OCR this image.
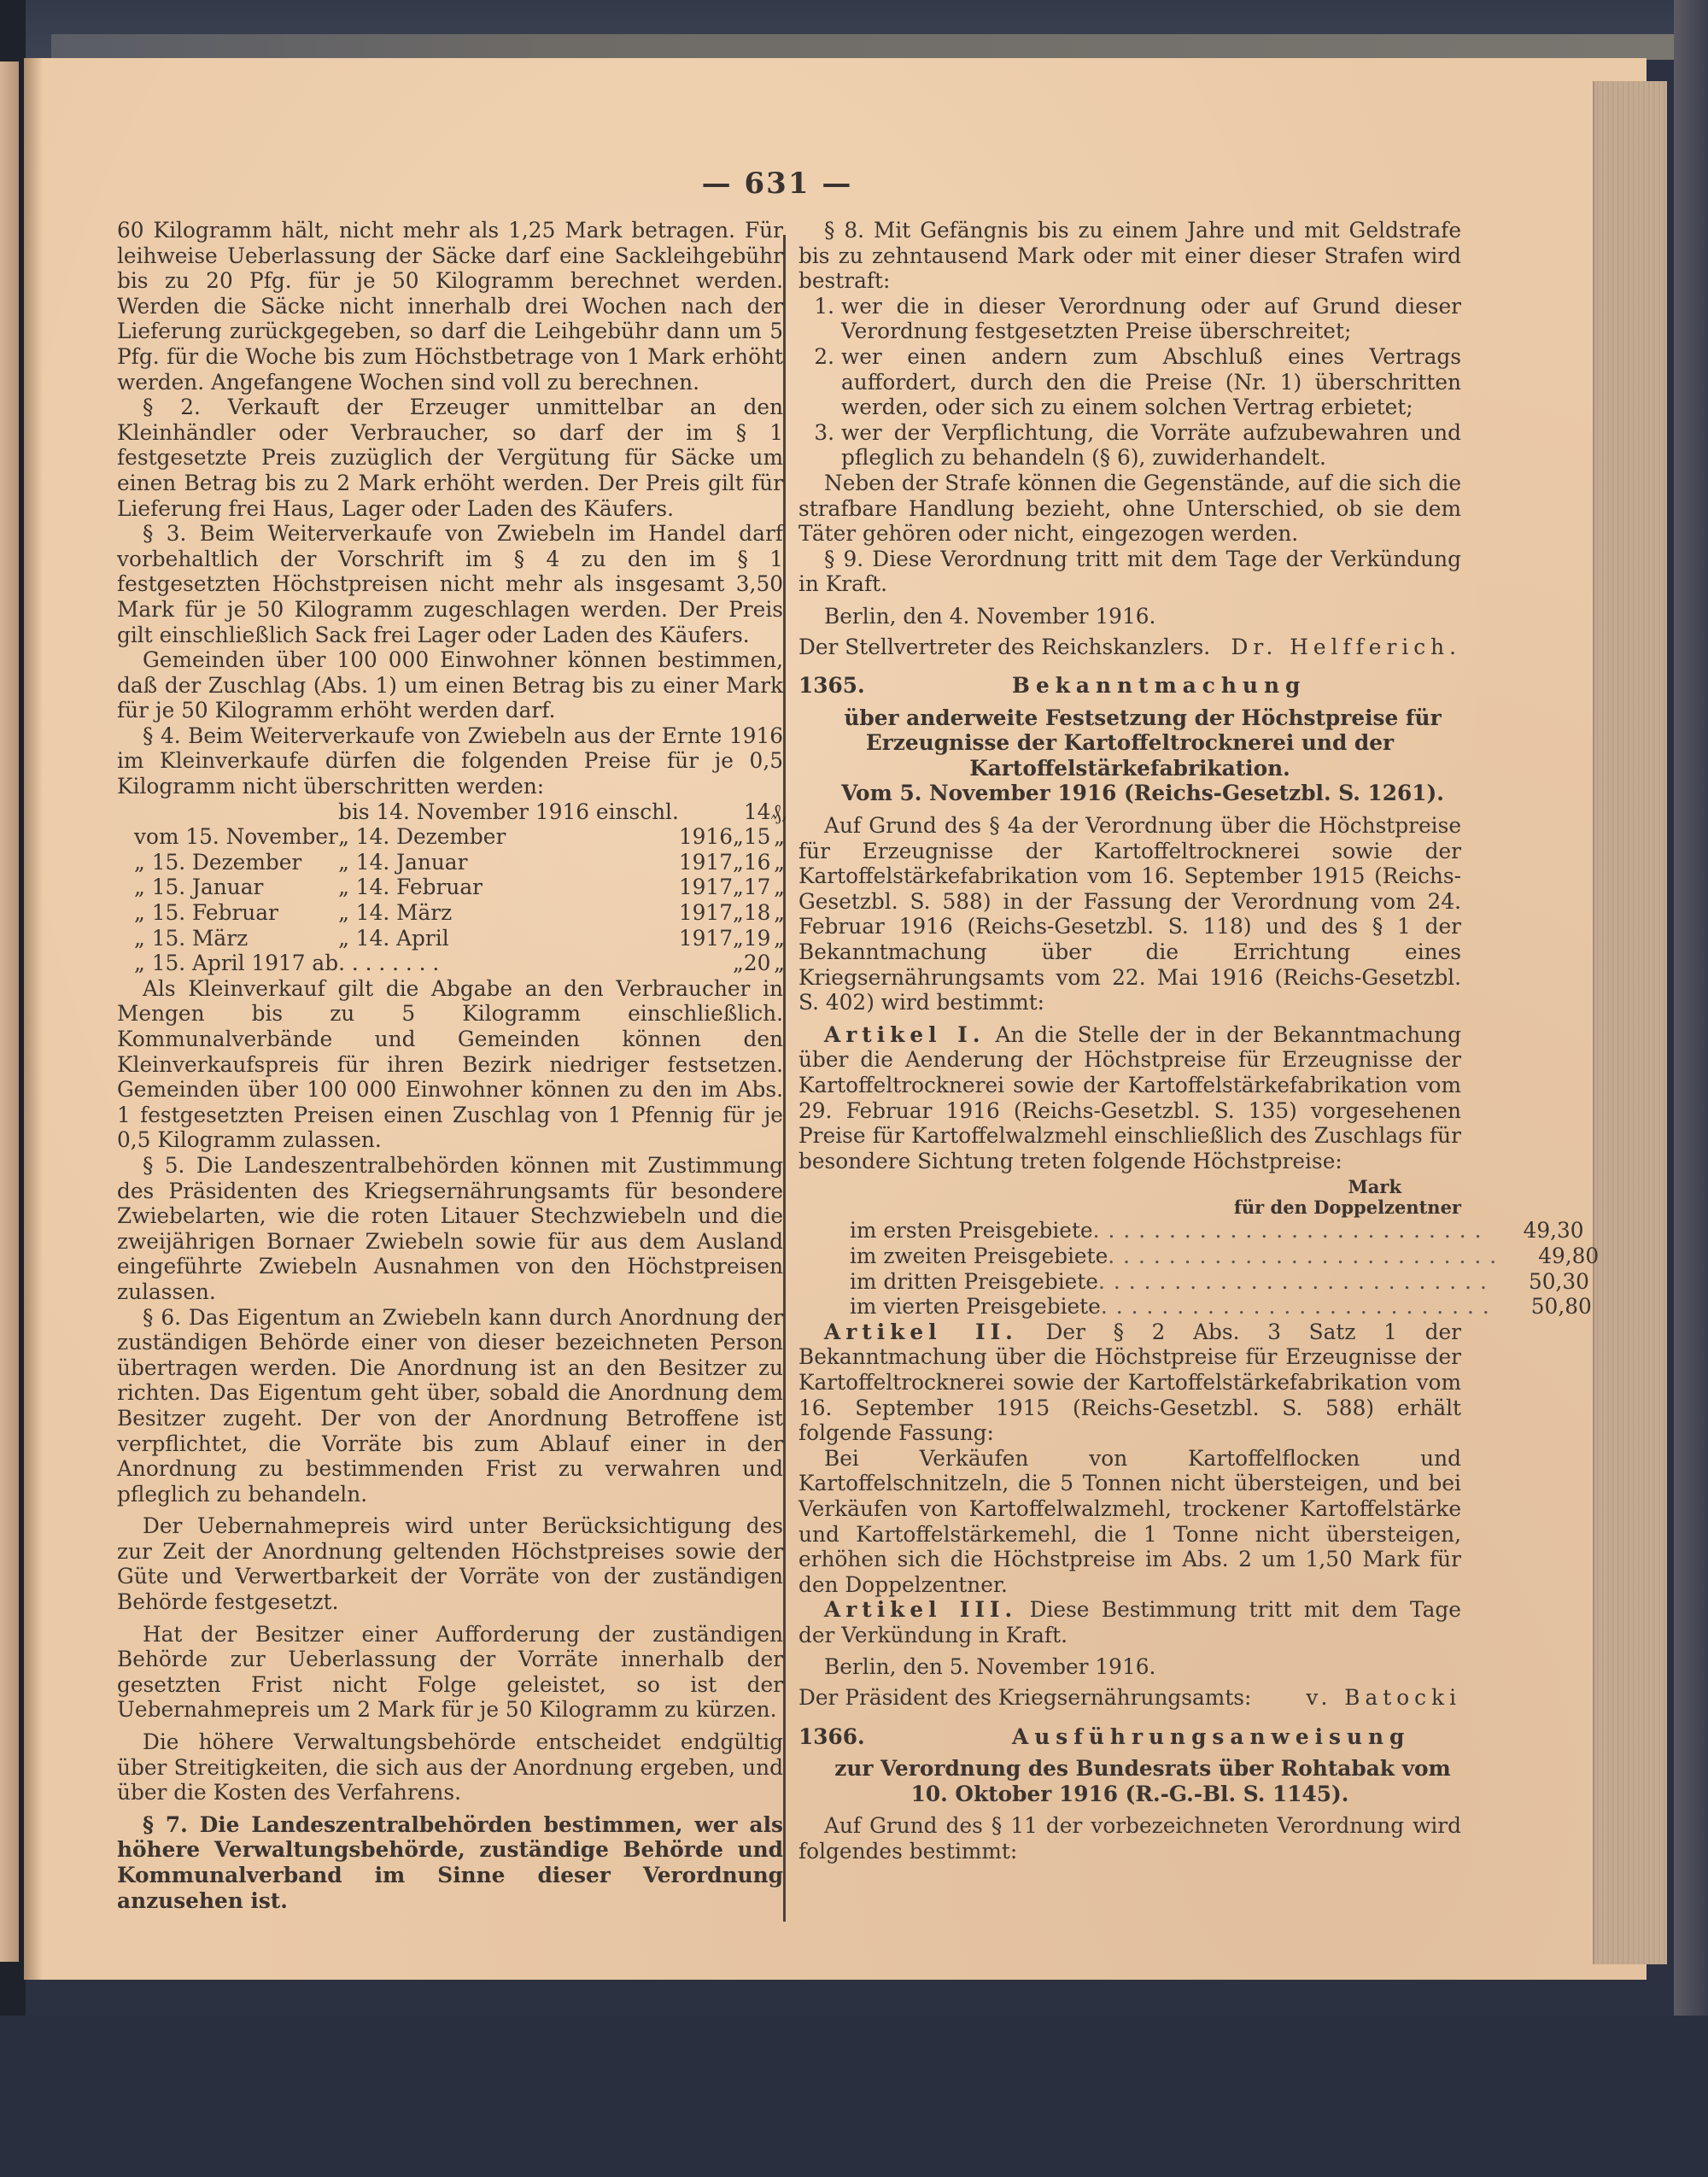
— 631 —

60 Kilogramm hält, nicht mehr als 1,25 Mark betragen. Für leihweise Ueberlassung der Säcke darf eine Sackleihgebühr bis zu 20 Pfg. für je 50 Kilogramm berechnet werden. Werden die Säcke nicht innerhalb drei Wochen nach der Lieferung zurückgegeben, so darf die Leihgebühr dann um 5 Pfg. für die Woche bis zum Höchstbetrage von 1 Mark erhöht werden. Angefangene Wochen sind voll zu berechnen.

§ 2. Verkauft der Erzeuger unmittelbar an den Kleinhändler oder Verbraucher, so darf der im § 1 festgesetzte Preis zuzüglich der Vergütung für Säcke um einen Betrag bis zu 2 Mark erhöht werden. Der Preis gilt für Lieferung frei Haus, Lager oder Laden des Käufers.

§ 3. Beim Weiterverkaufe von Zwiebeln im Handel darf vorbehaltlich der Vorschrift im § 4 zu den im § 1 festgesetzten Höchstpreisen nicht mehr als insgesamt 3,50 Mark für je 50 Kilogramm zugeschlagen werden. Der Preis gilt einschließlich Sack frei Lager oder Laden des Käufers.

Gemeinden über 100 000 Einwohner können bestimmen, daß der Zuschlag (Abs. 1) um einen Betrag bis zu einer Mark für je 50 Kilogramm erhöht werden darf.

§ 4. Beim Weiterverkaufe von Zwiebeln aus der Ernte 1916 im Kleinverkaufe dürfen die folgenden Preise für je 0,5 Kilogramm nicht überschritten werden:

	bis 14. November 1916 einschl.			14	₰,
vom 15. November	„ 14. Dezember	1916	„	15	„
„ 15. Dezember	„ 14. Januar	1917	„	16	„
„ 15. Januar	„ 14. Februar	1917	„	17	„
„ 15. Februar	„ 14. März	1917	„	18	„
„ 15. März	„ 14. April	1917	„	19	„
„ 15. April 1917 ab	. . . . . . . .		„	20	„

Als Kleinverkauf gilt die Abgabe an den Verbraucher in Mengen bis zu 5 Kilogramm einschließlich. Kommunalverbände und Gemeinden können den Kleinverkaufspreis für ihren Bezirk niedriger festsetzen. Gemeinden über 100 000 Einwohner können zu den im Abs. 1 festgesetzten Preisen einen Zuschlag von 1 Pfennig für je 0,5 Kilogramm zulassen.

§ 5. Die Landeszentralbehörden können mit Zustimmung des Präsidenten des Kriegsernährungsamts für besondere Zwiebelarten, wie die roten Litauer Stechzwiebeln und die zweijährigen Bornaer Zwiebeln sowie für aus dem Ausland eingeführte Zwiebeln Ausnahmen von den Höchstpreisen zulassen.

§ 6. Das Eigentum an Zwiebeln kann durch Anordnung der zuständigen Behörde einer von dieser bezeichneten Person übertragen werden. Die Anordnung ist an den Besitzer zu richten. Das Eigentum geht über, sobald die Anordnung dem Besitzer zugeht. Der von der Anordnung Betroffene ist verpflichtet, die Vorräte bis zum Ablauf einer in der Anordnung zu bestimmenden Frist zu verwahren und pfleglich zu behandeln.

Der Uebernahmepreis wird unter Berücksichtigung des zur Zeit der Anordnung geltenden Höchstpreises sowie der Güte und Verwertbarkeit der Vorräte von der zuständigen Behörde festgesetzt.

Hat der Besitzer einer Aufforderung der zuständigen Behörde zur Ueberlassung der Vorräte innerhalb der gesetzten Frist nicht Folge geleistet, so ist der Uebernahmepreis um 2 Mark für je 50 Kilogramm zu kürzen.

Die höhere Verwaltungsbehörde entscheidet endgültig über Streitigkeiten, die sich aus der Anordnung ergeben, und über die Kosten des Verfahrens.

§ 7. Die Landeszentralbehörden bestimmen, wer als höhere Verwaltungsbehörde, zuständige Behörde und Kommunalverband im Sinne dieser Verordnung anzusehen ist.

§ 8. Mit Gefängnis bis zu einem Jahre und mit Geldstrafe bis zu zehntausend Mark oder mit einer dieser Strafen wird bestraft:

1. wer die in dieser Verordnung oder auf Grund dieser Verordnung festgesetzten Preise überschreitet;
2. wer einen andern zum Abschluß eines Vertrags auffordert, durch den die Preise (Nr. 1) überschritten werden, oder sich zu einem solchen Vertrag erbietet;
3. wer der Verpflichtung, die Vorräte aufzubewahren und pfleglich zu behandeln (§ 6), zuwiderhandelt.

Neben der Strafe können die Gegenstände, auf die sich die strafbare Handlung bezieht, ohne Unterschied, ob sie dem Täter gehören oder nicht, eingezogen werden.

§ 9. Diese Verordnung tritt mit dem Tage der Verkündung in Kraft.

Berlin, den 4. November 1916.

Der Stellvertreter des Reichskanzlers. Dr. Helfferich.
1365.	Bekanntmachung

über anderweite Festsetzung der Höchstpreise für Erzeugnisse der Kartoffeltrocknerei und der Kartoffelstärkefabrikation.

Vom 5. November 1916 (Reichs-Gesetzbl. S. 1261).

Auf Grund des § 4a der Verordnung über die Höchstpreise für Erzeugnisse der Kartoffeltrocknerei sowie der Kartoffelstärkefabrikation vom 16. September 1915 (Reichs-Gesetzbl. S. 588) in der Fassung der Verordnung vom 24. Februar 1916 (Reichs-Gesetzbl. S. 118) und des § 1 der Bekanntmachung über die Errichtung eines Kriegsernährungsamts vom 22. Mai 1916 (Reichs-Gesetzbl. S. 402) wird bestimmt:

Artikel I. An die Stelle der in der Bekanntmachung über die Aenderung der Höchstpreise für Erzeugnisse der Kartoffeltrocknerei sowie der Kartoffelstärkefabrikation vom 29. Februar 1916 (Reichs-Gesetzbl. S. 135) vorgesehenen Preise für Kartoffelwalzmehl einschließlich des Zuschlags für besondere Sichtung treten folgende Höchstpreise:

Mark
für den Doppelzentner
im ersten Preisgebiete ..........................	49,30
im zweiten Preisgebiete ..........................	49,80
im dritten Preisgebiete ..........................	50,30
im vierten Preisgebiete ..........................	50,80

Artikel II. Der § 2 Abs. 3 Satz 1 der Bekanntmachung über die Höchstpreise für Erzeugnisse der Kartoffeltrocknerei sowie der Kartoffelstärkefabrikation vom 16. September 1915 (Reichs-Gesetzbl. S. 588) erhält folgende Fassung:

Bei Verkäufen von Kartoffelflocken und Kartoffelschnitzeln, die 5 Tonnen nicht übersteigen, und bei Verkäufen von Kartoffelwalzmehl, trockener Kartoffelstärke und Kartoffelstärkemehl, die 1 Tonne nicht übersteigen, erhöhen sich die Höchstpreise im Abs. 2 um 1,50 Mark für den Doppelzentner.

Artikel III. Diese Bestimmung tritt mit dem Tage der Verkündung in Kraft.

Berlin, den 5. November 1916.

Der Präsident des Kriegsernährungsamts:	v. Batocki
1366.	Ausführungsanweisung

zur Verordnung des Bundesrats über Rohtabak vom 10. Oktober 1916 (R.-G.-Bl. S. 1145).

Auf Grund des § 11 der vorbezeichneten Verordnung wird folgendes bestimmt:
